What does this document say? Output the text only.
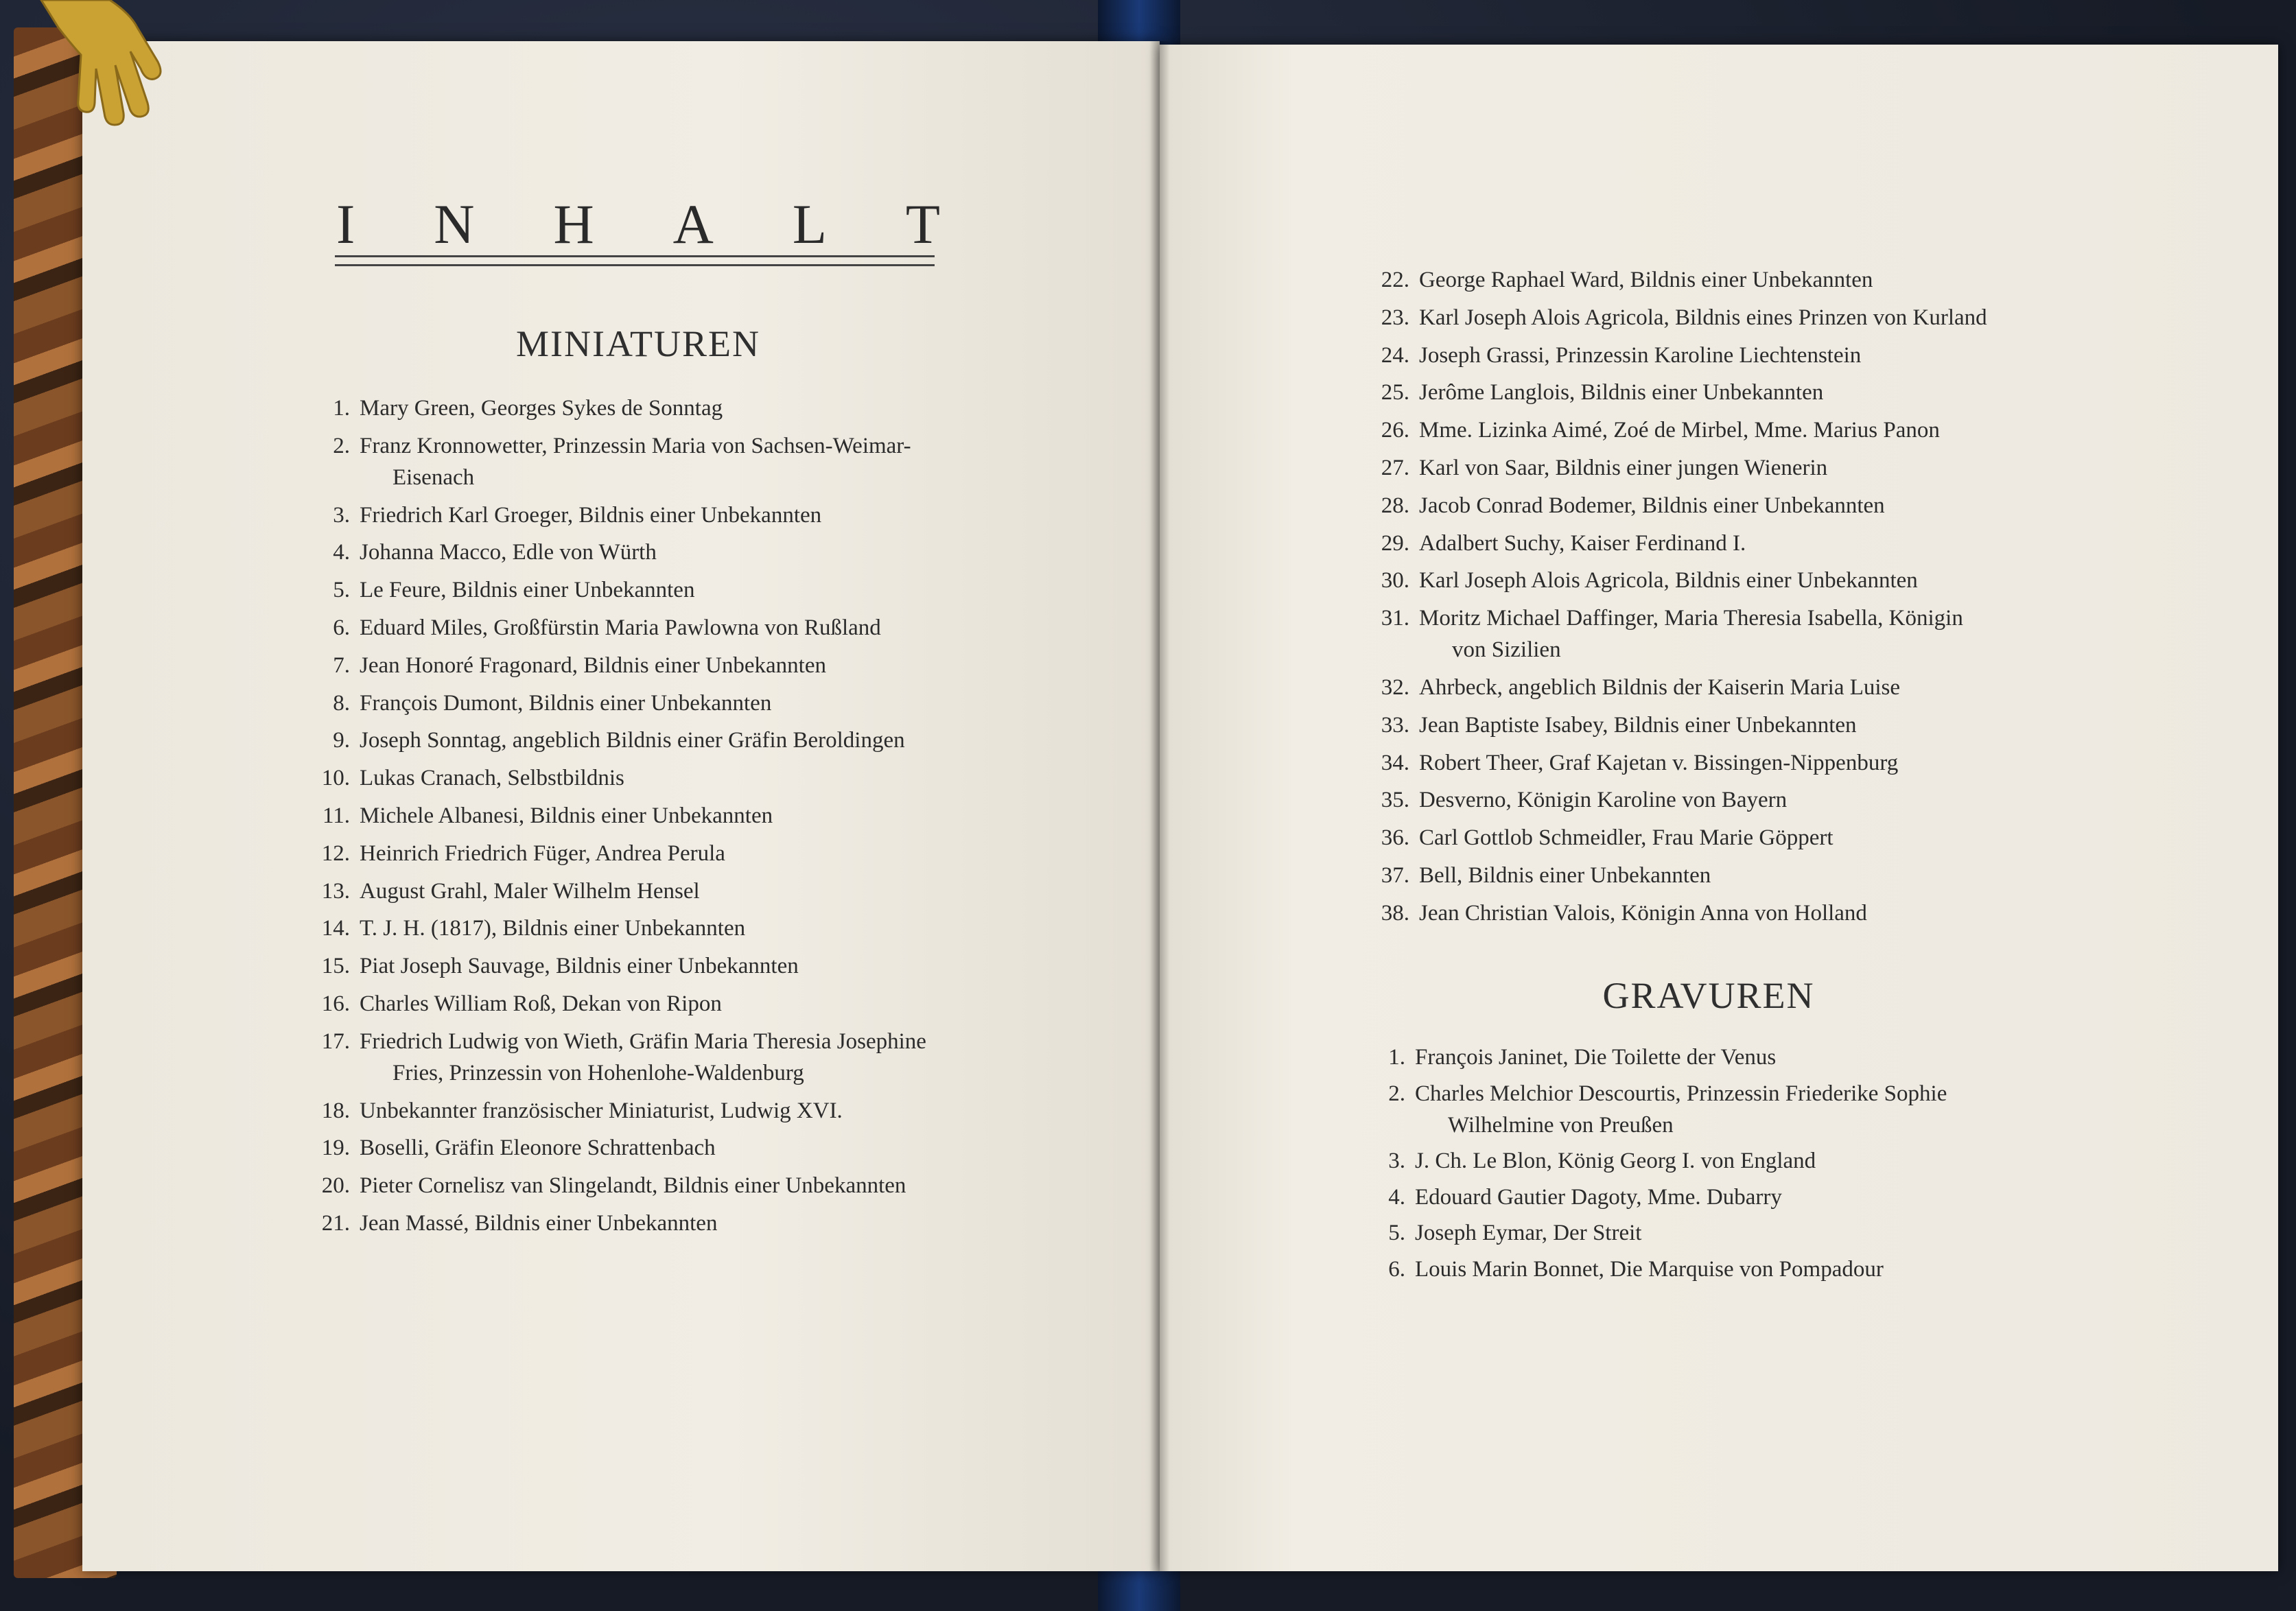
I N H A L T
MINIATUREN
GRAVUREN
1. Mary Green, Georges Sykes de Sonntag
2. Franz Kronnowetter, Prinzessin Maria von Sachsen-Weimar-
Eisenach
3. Friedrich Karl Groeger, Bildnis einer Unbekannten
4. Johanna Macco, Edle von Würth
5. Le Feure, Bildnis einer Unbekannten
6. Eduard Miles, Großfürstin Maria Pawlowna von Rußland
7. Jean Honoré Fragonard, Bildnis einer Unbekannten
8. François Dumont, Bildnis einer Unbekannten
9. Joseph Sonntag, angeblich Bildnis einer Gräfin Beroldingen
10. Lukas Cranach, Selbstbildnis
11. Michele Albanesi, Bildnis einer Unbekannten
12. Heinrich Friedrich Füger, Andrea Perula
13. August Grahl, Maler Wilhelm Hensel
14. T. J. H. (1817), Bildnis einer Unbekannten
15. Piat Joseph Sauvage, Bildnis einer Unbekannten
16. Charles William Roß, Dekan von Ripon
17. Friedrich Ludwig von Wieth, Gräfin Maria Theresia Josephine
Fries, Prinzessin von Hohenlohe-Waldenburg
18. Unbekannter französischer Miniaturist, Ludwig XVI.
19. Boselli, Gräfin Eleonore Schrattenbach
20. Pieter Cornelisz van Slingelandt, Bildnis einer Unbekannten
21. Jean Massé, Bildnis einer Unbekannten
22. George Raphael Ward, Bildnis einer Unbekannten
23. Karl Joseph Alois Agricola, Bildnis eines Prinzen von Kurland
24. Joseph Grassi, Prinzessin Karoline Liechtenstein
25. Jerôme Langlois, Bildnis einer Unbekannten
26. Mme. Lizinka Aimé, Zoé de Mirbel, Mme. Marius Panon
27. Karl von Saar, Bildnis einer jungen Wienerin
28. Jacob Conrad Bodemer, Bildnis einer Unbekannten
29. Adalbert Suchy, Kaiser Ferdinand I.
30. Karl Joseph Alois Agricola, Bildnis einer Unbekannten
31. Moritz Michael Daffinger, Maria Theresia Isabella, Königin
von Sizilien
32. Ahrbeck, angeblich Bildnis der Kaiserin Maria Luise
33. Jean Baptiste Isabey, Bildnis einer Unbekannten
34. Robert Theer, Graf Kajetan v. Bissingen-Nippenburg
35. Desverno, Königin Karoline von Bayern
36. Carl Gottlob Schmeidler, Frau Marie Göppert
37. Bell, Bildnis einer Unbekannten
38. Jean Christian Valois, Königin Anna von Holland
1. François Janinet, Die Toilette der Venus
2. Charles Melchior Descourtis, Prinzessin Friederike Sophie
Wilhelmine von Preußen
3. J. Ch. Le Blon, König Georg I. von England
4. Edouard Gautier Dagoty, Mme. Dubarry
5. Joseph Eymar, Der Streit
6. Louis Marin Bonnet, Die Marquise von Pompadour
